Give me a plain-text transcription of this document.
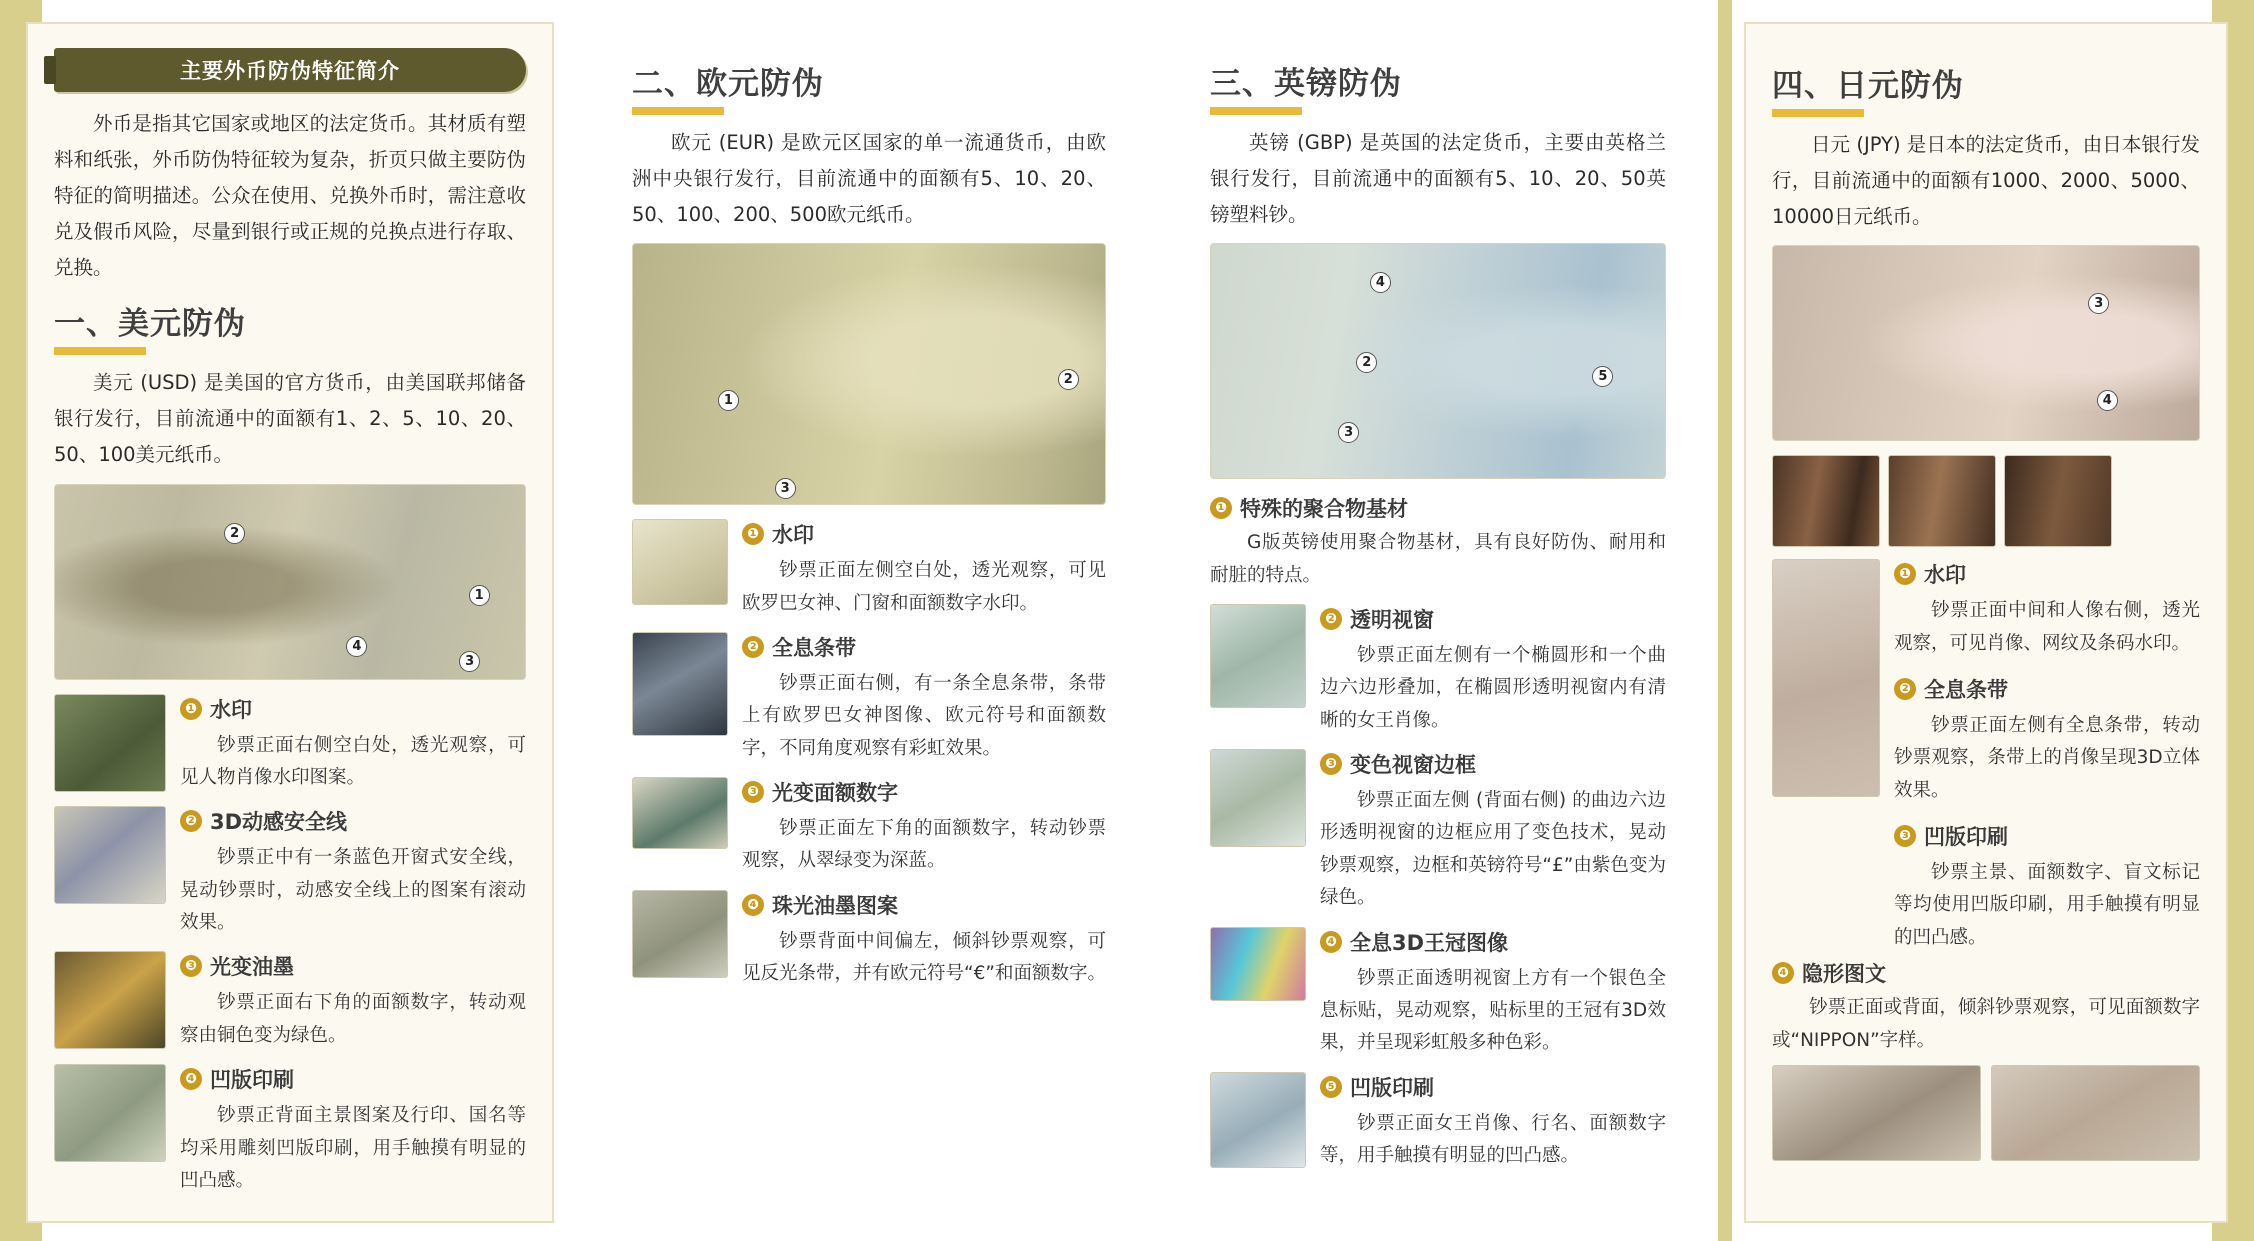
主要外币防伪特征简介

外币是指其它国家或地区的法定货币。其材质有塑料和纸张，外币防伪特征较为复杂，折页只做主要防伪特征的简明描述。公众在使用、兑换外币时，需注意收兑及假币风险，尽量到银行或正规的兑换点进行存取、兑换。

一、美元防伪

美元 (USD) 是美国的官方货币，由美国联邦储备银行发行，目前流通中的面额有1、2、5、10、20、50、100美元纸币。

2
4
1
3
❶ 水印

钞票正面右侧空白处，透光观察，可见人物肖像水印图案。

❷ 3D动感安全线

钞票正中有一条蓝色开窗式安全线，晃动钞票时，动感安全线上的图案有滚动效果。

❸ 光变油墨

钞票正面右下角的面额数字，转动观察由铜色变为绿色。

❹ 凹版印刷

钞票正背面主景图案及行印、国名等均采用雕刻凹版印刷，用手触摸有明显的凹凸感。

二、欧元防伪

欧元 (EUR) 是欧元区国家的单一流通货币，由欧洲中央银行发行，目前流通中的面额有5、10、20、50、100、200、500欧元纸币。

1
2
3
❶ 水印

钞票正面左侧空白处，透光观察，可见欧罗巴女神、门窗和面额数字水印。

❷ 全息条带

钞票正面右侧，有一条全息条带，条带上有欧罗巴女神图像、欧元符号和面额数字，不同角度观察有彩虹效果。

❸ 光变面额数字

钞票正面左下角的面额数字，转动钞票观察，从翠绿变为深蓝。

❹ 珠光油墨图案

钞票背面中间偏左，倾斜钞票观察，可见反光条带，并有欧元符号“€”和面额数字。

三、英镑防伪

英镑 (GBP) 是英国的法定货币，主要由英格兰银行发行，目前流通中的面额有5、10、20、50英镑塑料钞。

4
2
3
5
❶ 特殊的聚合物基材

G版英镑使用聚合物基材，具有良好防伪、耐用和耐脏的特点。

❷ 透明视窗

钞票正面左侧有一个椭圆形和一个曲边六边形叠加，在椭圆形透明视窗内有清晰的女王肖像。

❸ 变色视窗边框

钞票正面左侧 (背面右侧) 的曲边六边形透明视窗的边框应用了变色技术，晃动钞票观察，边框和英镑符号“£”由紫色变为绿色。

❹ 全息3D王冠图像

钞票正面透明视窗上方有一个银色全息标贴，晃动观察，贴标里的王冠有3D效果，并呈现彩虹般多种色彩。

❺ 凹版印刷

钞票正面女王肖像、行名、面额数字等，用手触摸有明显的凹凸感。

四、日元防伪

日元 (JPY) 是日本的法定货币，由日本银行发行，目前流通中的面额有1000、2000、5000、10000日元纸币。

3
4
❶ 水印

钞票正面中间和人像右侧，透光观察，可见肖像、网纹及条码水印。

❷ 全息条带

钞票正面左侧有全息条带，转动钞票观察，条带上的肖像呈现3D立体效果。

❸ 凹版印刷

钞票主景、面额数字、盲文标记等均使用凹版印刷，用手触摸有明显的凹凸感。

❹ 隐形图文

钞票正面或背面，倾斜钞票观察，可见面额数字或“NIPPON”字样。
